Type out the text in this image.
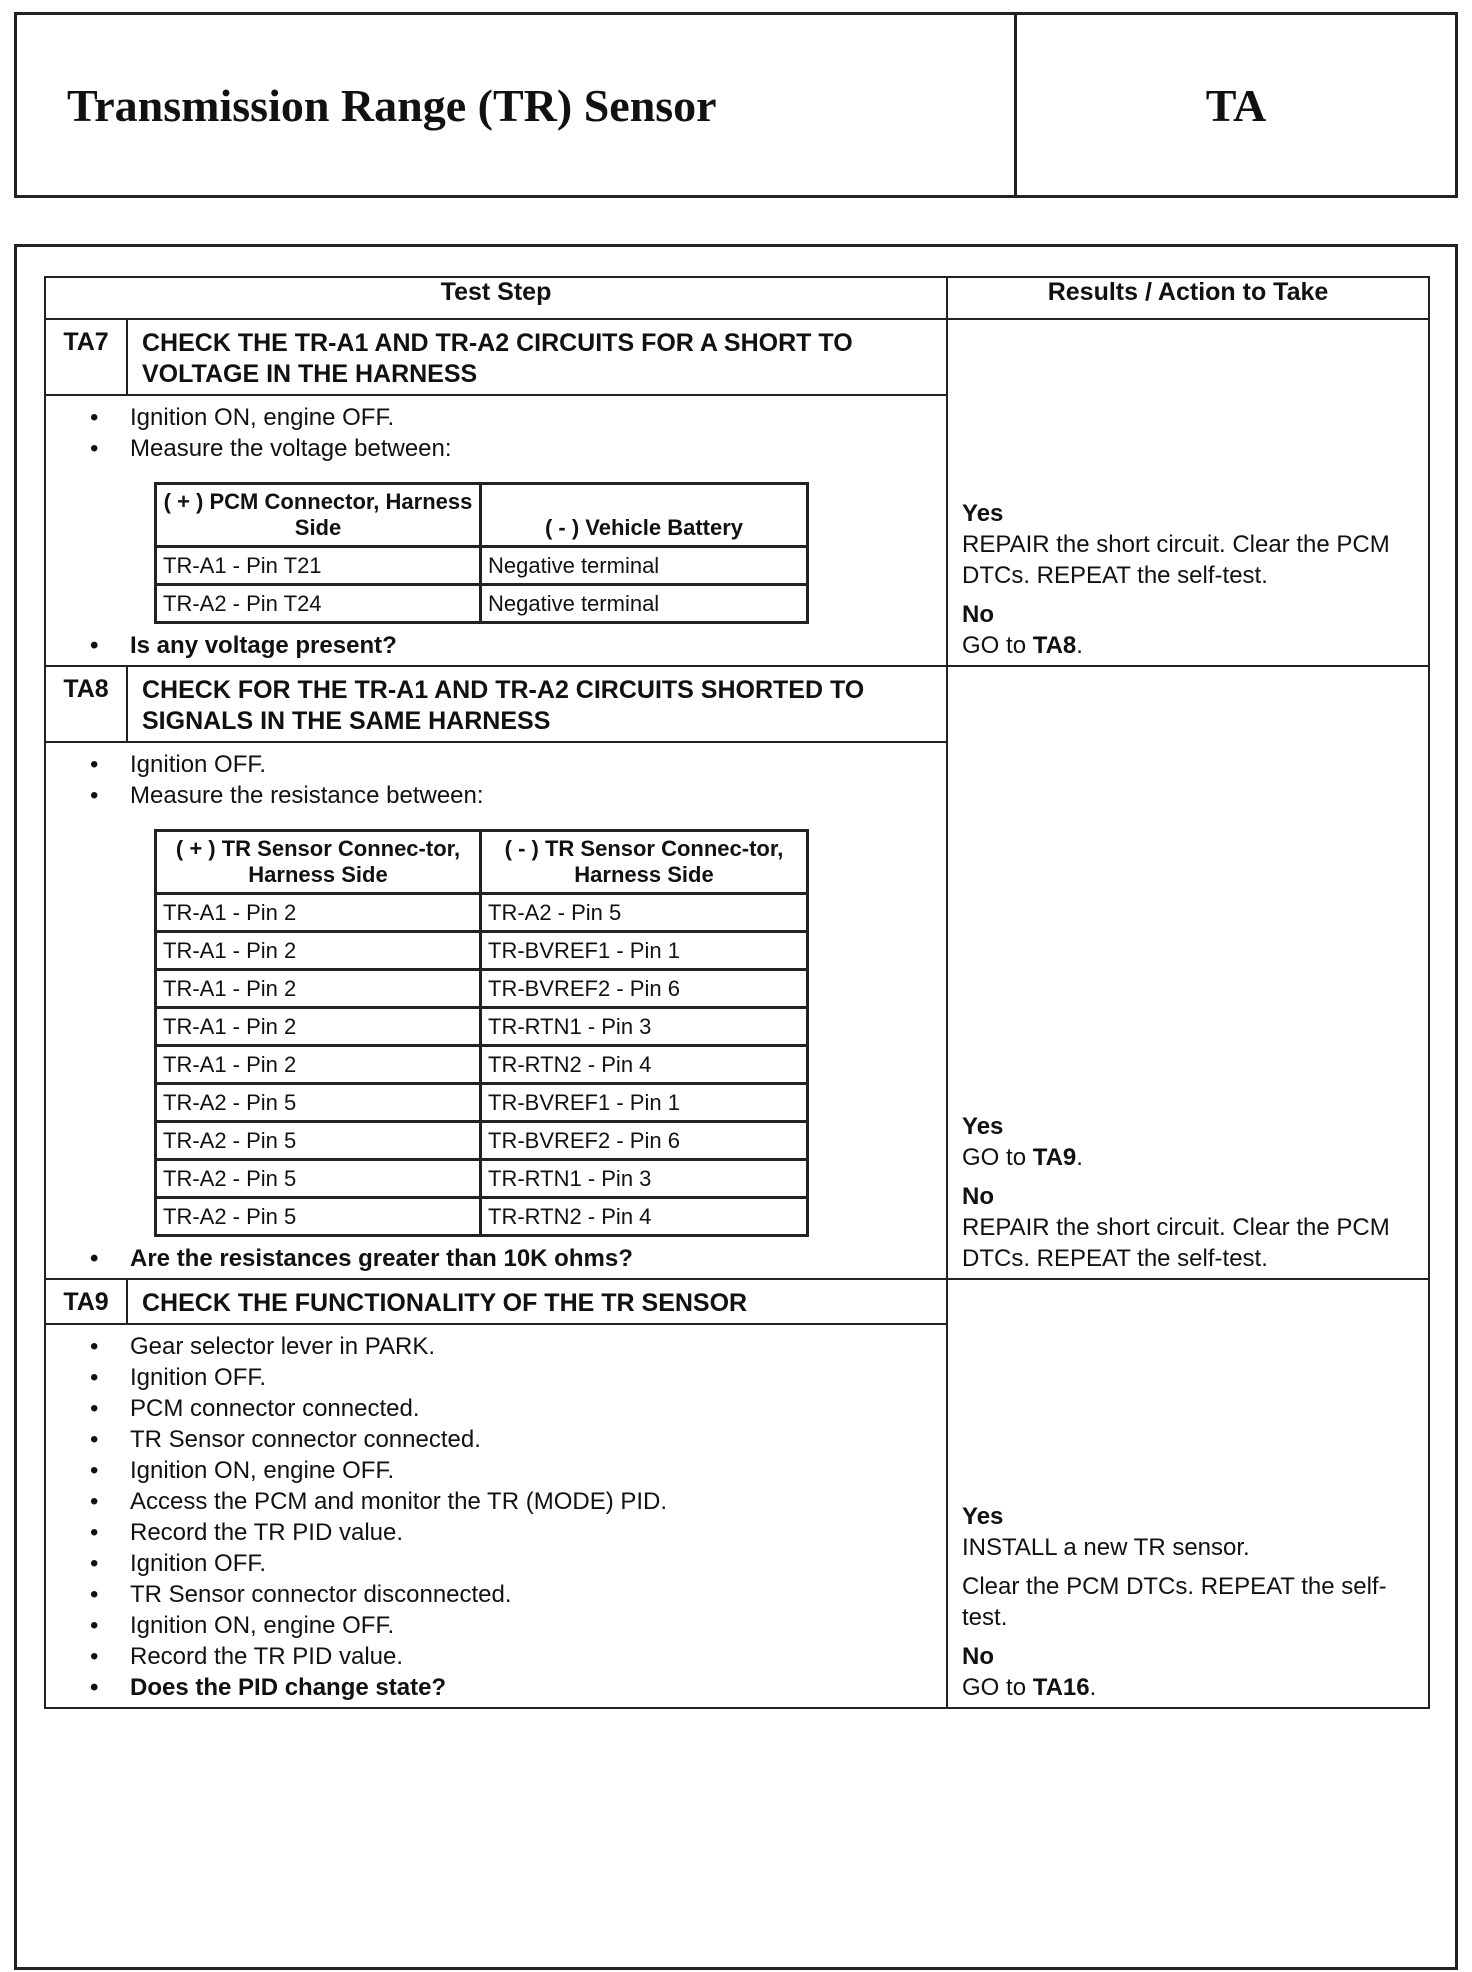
Transmission Range (TR) Sensor	TA
Test Step	Results / Action to Take
TA7	CHECK THE TR-A1 AND TR-A2 CIRCUITS FOR A SHORT TO VOLTAGE IN THE HARNESS	
Yes
REPAIR the short circuit. Clear the PCM DTCs. REPEAT the self-test.
No
GO to TA8.

• Ignition ON, engine OFF.
• Measure the voltage between:
( + ) PCM Connector, Harness Side	( - ) Vehicle Battery
TR-A1 - Pin T21	Negative terminal
TR-A2 - Pin T24	Negative terminal
• Is any voltage present?

TA8	CHECK FOR THE TR-A1 AND TR-A2 CIRCUITS SHORTED TO SIGNALS IN THE SAME HARNESS	
Yes
GO to TA9.
No
REPAIR the short circuit. Clear the PCM DTCs. REPEAT the self-test.

• Ignition OFF.
• Measure the resistance between:
( + ) TR Sensor Connec-tor, Harness Side	( - ) TR Sensor Connec-tor, Harness Side
TR-A1 - Pin 2	TR-A2 - Pin 5
TR-A1 - Pin 2	TR-BVREF1 - Pin 1
TR-A1 - Pin 2	TR-BVREF2 - Pin 6
TR-A1 - Pin 2	TR-RTN1 - Pin 3
TR-A1 - Pin 2	TR-RTN2 - Pin 4
TR-A2 - Pin 5	TR-BVREF1 - Pin 1
TR-A2 - Pin 5	TR-BVREF2 - Pin 6
TR-A2 - Pin 5	TR-RTN1 - Pin 3
TR-A2 - Pin 5	TR-RTN2 - Pin 4
• Are the resistances greater than 10K ohms?

TA9	CHECK THE FUNCTIONALITY OF THE TR SENSOR	
Yes
INSTALL a new TR sensor.
Clear the PCM DTCs. REPEAT the self-test.
No
GO to TA16.

• Gear selector lever in PARK.
• Ignition OFF.
• PCM connector connected.
• TR Sensor connector connected.
• Ignition ON, engine OFF.
• Access the PCM and monitor the TR (MODE) PID.
• Record the TR PID value.
• Ignition OFF.
• TR Sensor connector disconnected.
• Ignition ON, engine OFF.
• Record the TR PID value.
• Does the PID change state?
